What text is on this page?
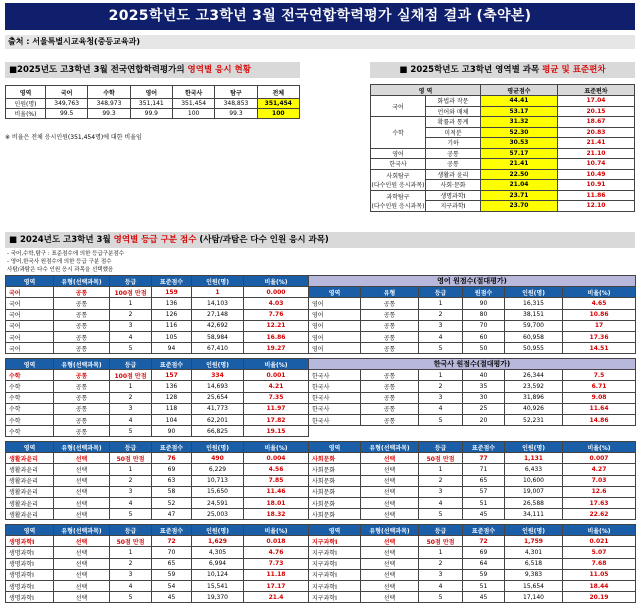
2025학년도 고3학년 3월 전국연합학력평가 실채점 결과 (축약본)
출처 : 서울특별시교육청(중등교육과)
■2025년도 고3학년 3월 전국연합학력평가의 영역별 응시 현황
영역	국어	수학	영어	한국사	탐구	전체
인원(명)	349,763	348,973	351,141	351,454	348,853	351,454
비율(%)	99.5	99.3	99.9	100	99.3	100
※ 비율은 전체 응시인원(351,454명)에 대한 비율임
■ 2025학년도 고3학년 영역별 과목 평균 및 표준편차
영 역		평균점수	표준편차

국어	화법과 작문	44.41	17.04
	언어와 매체	53.17	20.15

수학	확률과 통계	31.32	18.67
	미적분	52.30	20.83
	기하	30.53	21.41

영어	공통	57.17	21.10

한국사	공통	21.41	10.74

사회탐구
(다수인원 응시과목)	생활과 윤리	22.50	10.49
	사회·문화	21.04	10.91

과학탐구
(다수인원 응시과목)	생명과학Ⅰ	23.71	11.86
	지구과학Ⅰ	23.70	12.10
■ 2024년도 고3학년 3월 영역별 등급 구분 점수 (사탐/과탐은 다수 인원 응시 과목)
- 국어,수학,탐구 : 표준점수에 의한 등급구분점수
- 영어,한국사 원점수에 의한 등급 구분 점수
사탐/과탐은 다수 인원 응시 과목을 선택했음
영역	유형(선택과목)	등급	표준점수	인원(명)	비율(%)
국어	공통	100점 만점	159	1	0.000
국어	공통	1	136	14,103	4.03
국어	공통	2	126	27,148	7.76
국어	공통	3	116	42,692	12.21
국어	공통	4	105	58,984	16.86
국어	공통	5	94	67,410	19.27
영역	유형(선택과목)	등급	표준점수	인원(명)	비율(%)
수학	공통	100점 만점	157	334	0.001
수학	공통	1	136	14,693	4.21
수학	공통	2	128	25,654	7.35
수학	공통	3	118	41,773	11.97
수학	공통	4	104	62,201	17.82
수학	공통	5	90	66,825	19.15
영역	유형(선택과목)	등급	표준점수	인원(명)	비율(%)
생활과윤리	선택	50점 만점	76	490	0.004
생활과윤리	선택	1	69	6,229	4.56
생활과윤리	선택	2	63	10,713	7.85
생활과윤리	선택	3	58	15,650	11.46
생활과윤리	선택	4	52	24,591	18.01
생활과윤리	선택	5	47	25,003	18.32
영역	유형(선택과목)	등급	표준점수	인원(명)	비율(%)
생명과학Ⅰ	선택	50점 만점	72	1,629	0.018
생명과학Ⅰ	선택	1	70	4,305	4.76
생명과학Ⅰ	선택	2	65	6,994	7.73
생명과학Ⅰ	선택	3	59	10,124	11.18
생명과학Ⅰ	선택	4	54	15,541	17.17
생명과학Ⅰ	선택	5	45	19,370	21.4
영어 원점수(절대평가)					
영역	유형	등급	원점수	인원(명)	비율(%)
영어	공통	1	90	16,315	4.65
영어	공통	2	80	38,151	10.86
영어	공통	3	70	59,700	17
영어	공통	4	60	60,958	17.36
영어	공통	5	50	50,955	14.51
한국사 원점수(절대평가)					
한국사	공통	1	40	26,344	7.5
한국사	공통	2	35	23,592	6.71
한국사	공통	3	30	31,896	9.08
한국사	공통	4	25	40,926	11.64
한국사	공통	5	20	52,231	14.86
영역	유형(선택과목)	등급	표준점수	인원(명)	비율(%)
사회문화	선택	50점 만점	77	1,131	0.007
사회문화	선택	1	71	6,433	4.27
사회문화	선택	2	65	10,600	7.03
사회문화	선택	3	57	19,007	12.6
사회문화	선택	4	51	26,588	17.63
사회문화	선택	5	45	34,111	22.62
영역	유형(선택과목)	등급	표준점수	인원(명)	비율(%)
지구과학Ⅰ	선택	50점 만점	72	1,759	0.021
지구과학Ⅰ	선택	1	69	4,301	5.07
지구과학Ⅰ	선택	2	64	6,518	7.68
지구과학Ⅰ	선택	3	59	9,383	11.05
지구과학Ⅰ	선택	4	51	15,654	18.44
지구과학Ⅰ	선택	5	45	17,140	20.19
